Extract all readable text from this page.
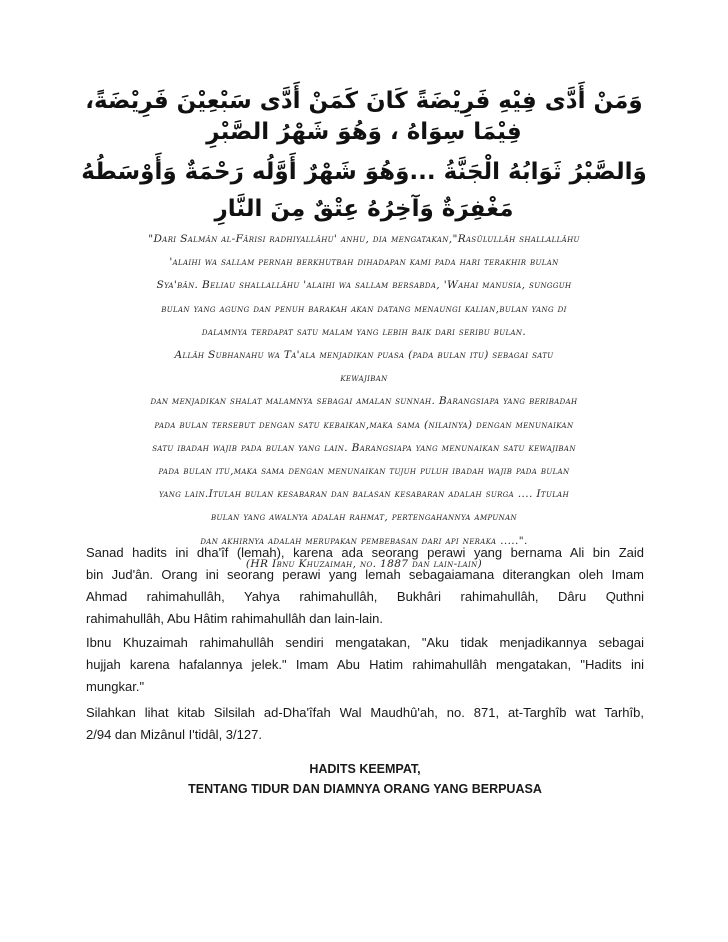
وَمَنْ أَدَّى فِيْهِ فَرِيْضَةً كَانَ كَمَنْ أَدَّى سَبْعِيْنَ فَرِيْضَةً،
فِيْمَا سِوَاهُ ، وَهُوَ شَهْرُ الصَّبْرِ
وَالصَّبْرُ ثَوَابُهُ الْجَنَّةُ ...وَهُوَ شَهْرٌ أَوَّلُه رَحْمَةٌ وَأَوْسَطُهُ
مَغْفِرَةٌ وَآخِرُهُ عِتْقٌ مِنَ النَّارِ
"Dari Salmân al-Fârisi radhiyallâhu' anhu, dia mengatakan,"Rasûlullâh shallallâhu
'alaihi wa sallam pernah berkhutbah dihadapan kami pada hari terakhir bulan
Sya'bân. Beliau shallallâhu 'alaihi wa sallam bersabda, 'Wahai manusia, sungguh
bulan yang agung dan penuh barakah akan datang menaungi kalian,bulan yang di
dalamnya terdapat satu malam yang lebih baik dari seribu bulan.
Allâh Subhanahu wa Ta'ala menjadikan puasa (pada bulan itu) sebagai satu
kewajiban
dan menjadikan shalat malamnya sebagai amalan sunnah. Barangsiapa yang beribadah
pada bulan tersebut dengan satu kebaikan,maka sama (nilainya) dengan menunaikan
satu ibadah wajib pada bulan yang lain. Barangsiapa yang menunaikan satu kewajiban
pada bulan itu,maka sama dengan menunaikan tujuh puluh ibadah wajib pada bulan
yang lain.Itulah bulan kesabaran dan balasan kesabaran adalah surga .... Itulah
bulan yang awalnya adalah rahmat, pertengahannya ampunan
dan akhirnya adalah merupakan pembebasan dari api neraka .....".
(HR Ibnu Khuzaimah, no. 1887 dan lain-lain)
Sanad hadits ini dha'îf (lemah), karena ada seorang perawi yang bernama Ali bin Zaid
bin Jud'ân. Orang ini seorang perawi yang lemah sebagaiamana diterangkan oleh Imam
Ahmad rahimahullâh, Yahya rahimahullâh, Bukhâri rahimahullâh, Dâru Quthni
rahimahullâh, Abu Hâtim rahimahullâh dan lain-lain.
Ibnu Khuzaimah rahimahullâh sendiri mengatakan, "Aku tidak menjadikannya sebagai
hujjah karena hafalannya jelek." Imam Abu Hatim rahimahullâh mengatakan, "Hadits ini
mungkar."
Silahkan lihat kitab Silsilah ad-Dha'îfah Wal Maudhû'ah, no. 871, at-Targhîb wat Tarhîb,
2/94 dan Mizânul I'tidâl, 3/127.
HADITS KEEMPAT,
TENTANG TIDUR DAN DIAMNYA ORANG YANG BERPUASA
